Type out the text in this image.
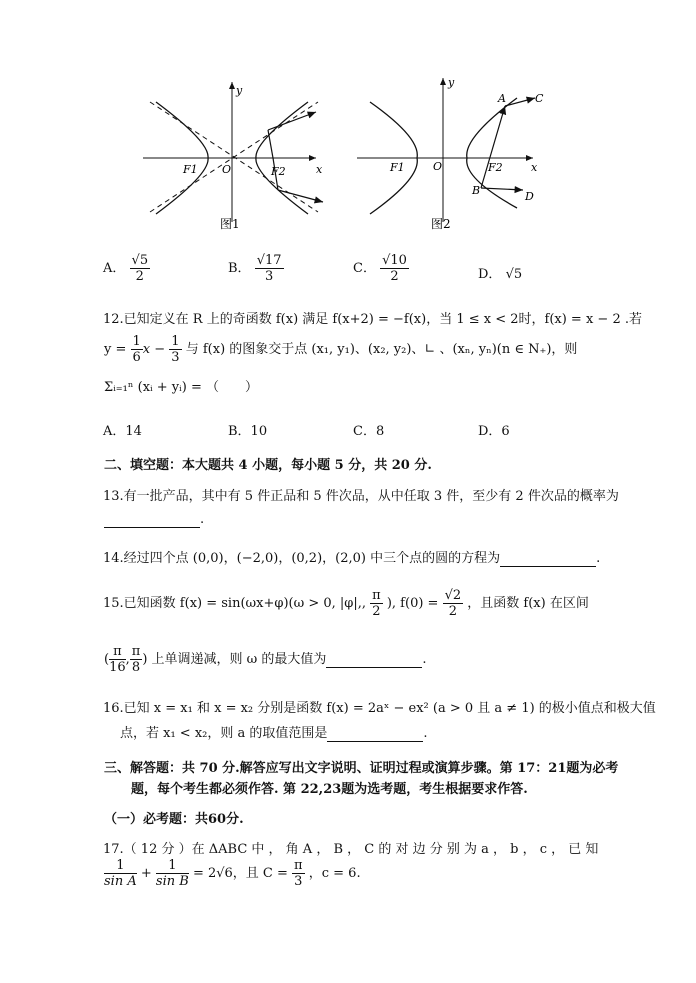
y
x
O
F1	F2
图1
y
x
O
F1	F2
A	C
B	D
图2
A． $\frac{√5}{2}$	B． $\frac{√17}{3}$	C． $\frac{√10}{2}$	D． √5
12.已知定义在 R 上的奇函数 f(x) 满足 f(x+2) = −f(x)，当 1 ≤ x < 2时，f(x) = x − 2 .若
$y = \frac{1}{6}$ $x - \frac{1}{3}$ 与 f(x) 的图象交于点 (x₁, y₁)、(x₂, y₂)、∟ 、(xₙ, yₙ)(n ∈ N₊)，则
Σᵢ₌₁ⁿ (xᵢ + yᵢ) = （　　）
A．14	B．10	C．8	D．6
二、填空题：本大题共 4 小题，每小题 5 分，共 20 分.
13.有一批产品，其中有 5 件正品和 5 件次品，从中任取 3 件，至少有 2 件次品的概率为
.
14.经过四个点 (0,0)，(−2,0)，(0,2)，(2,0) 中三个点的圆的方程为	.
15.已知函数 f(x) = sin(ωx+φ)(ω > 0, |φ|,, $\frac{\pi}{2}$ ), $f(0) = \frac{√2}{2}$ ，且函数 f(x) 在区间
( $\frac{\pi}{16}$ , $\frac{\pi}{8}$ ) 上单调递减，则 ω 的最大值为	.
16.已知 x = x₁ 和 x = x₂ 分别是函数 f(x) = 2aˣ − ex² (a > 0 且 a ≠ 1) 的极小值点和极大值
点，若 x₁ < x₂，则 a 的取值范围是	.
三、解答题：共 70 分.解答应写出文字说明、证明过程或演算步骤。第 17：21题为必考
题，每个考生都必须作答. 第 22,23题为选考题，考生根据要求作答.
（一）必考题：共60分.
17.（ 12 分 ）在 ΔABC 中 ， 角 A ， B ， C 的 对 边 分 别 为 a ， b ， c ， 已 知
$\frac{1}{\text{sin A}} + \frac{1}{\text{sin B}} = 2√6$，且 $C = \frac{\pi}{3}$ ，c = 6.
